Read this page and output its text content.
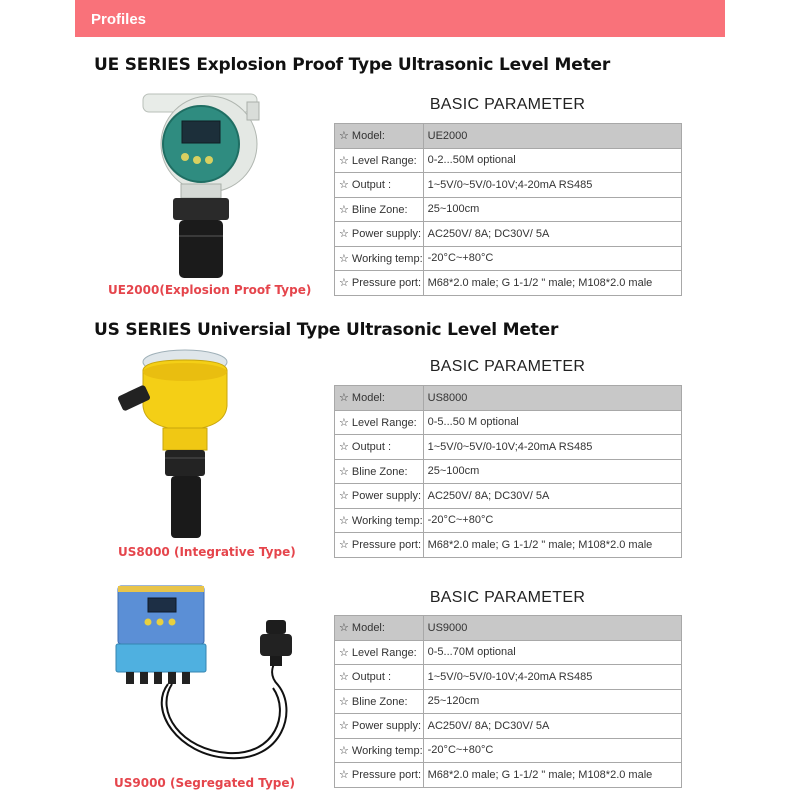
Profiles
UE SERIES Explosion Proof Type Ultrasonic Level Meter
BASIC PARAMETER
☆ Model:	UE2000
☆ Level Range:	0-2...50M optional
☆ Output :	1~5V/0~5V/0-10V;4-20mA RS485
☆ Bline Zone:	25~100cm
☆ Power supply:	AC250V/ 8A; DC30V/ 5A
☆ Working temp:	-20°C~+80°C
☆ Pressure port:	M68*2.0 male; G 1-1/2 " male; M108*2.0 male
UE2000(Explosion Proof Type)
US SERIES Universial Type Ultrasonic Level Meter
BASIC PARAMETER
☆ Model:	US8000
☆ Level Range:	0-5...50 M optional
☆ Output :	1~5V/0~5V/0-10V;4-20mA RS485
☆ Bline Zone:	25~100cm
☆ Power supply:	AC250V/ 8A; DC30V/ 5A
☆ Working temp:	-20°C~+80°C
☆ Pressure port:	M68*2.0 male; G 1-1/2 " male; M108*2.0 male
US8000 (Integrative Type)
BASIC PARAMETER
☆ Model:	US9000
☆ Level Range:	0-5...70M optional
☆ Output :	1~5V/0~5V/0-10V;4-20mA RS485
☆ Bline Zone:	25~120cm
☆ Power supply:	AC250V/ 8A; DC30V/ 5A
☆ Working temp:	-20°C~+80°C
☆ Pressure port:	M68*2.0 male; G 1-1/2 " male; M108*2.0 male
US9000 (Segregated Type)
